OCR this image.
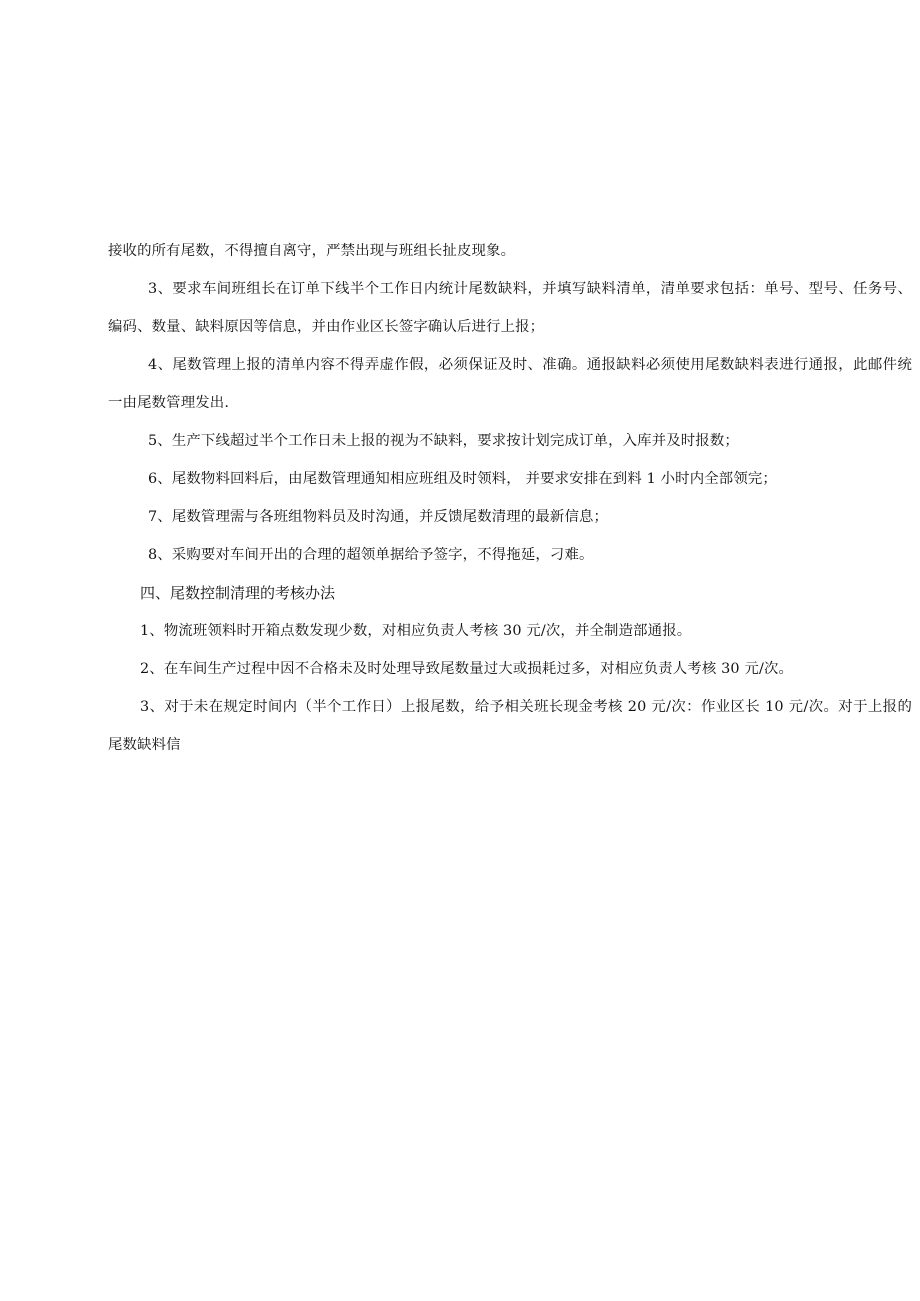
接收的所有尾数，不得擅自离守，严禁出现与班组长扯皮现象。

3、要求车间班组长在订单下线半个工作日内统计尾数缺料，并填写缺料清单，清单要求包括：单号、型号、任务号、编码、数量、缺料原因等信息，并由作业区长签字确认后进行上报；

4、尾数管理上报的清单内容不得弄虚作假，必须保证及时、准确。通报缺料必须使用尾数缺料表进行通报，此邮件统一由尾数管理发出.

5、生产下线超过半个工作日未上报的视为不缺料，要求按计划完成订单，入库并及时报数；

6、尾数物料回料后，由尾数管理通知相应班组及时领料， 并要求安排在到料 1 小时内全部领完；

7、尾数管理需与各班组物料员及时沟通，并反馈尾数清理的最新信息；

8、采购要对车间开出的合理的超领单据给予签字，不得拖延，刁难。

四、尾数控制清理的考核办法

1、物流班领料时开箱点数发现少数，对相应负责人考核 30 元/次，并全制造部通报。

2、在车间生产过程中因不合格未及时处理导致尾数量过大或损耗过多，对相应负责人考核 30 元/次。

3、对于未在规定时间内（半个工作日）上报尾数，给予相关班长现金考核 20 元/次：作业区长 10 元/次。对于上报的尾数缺料信
